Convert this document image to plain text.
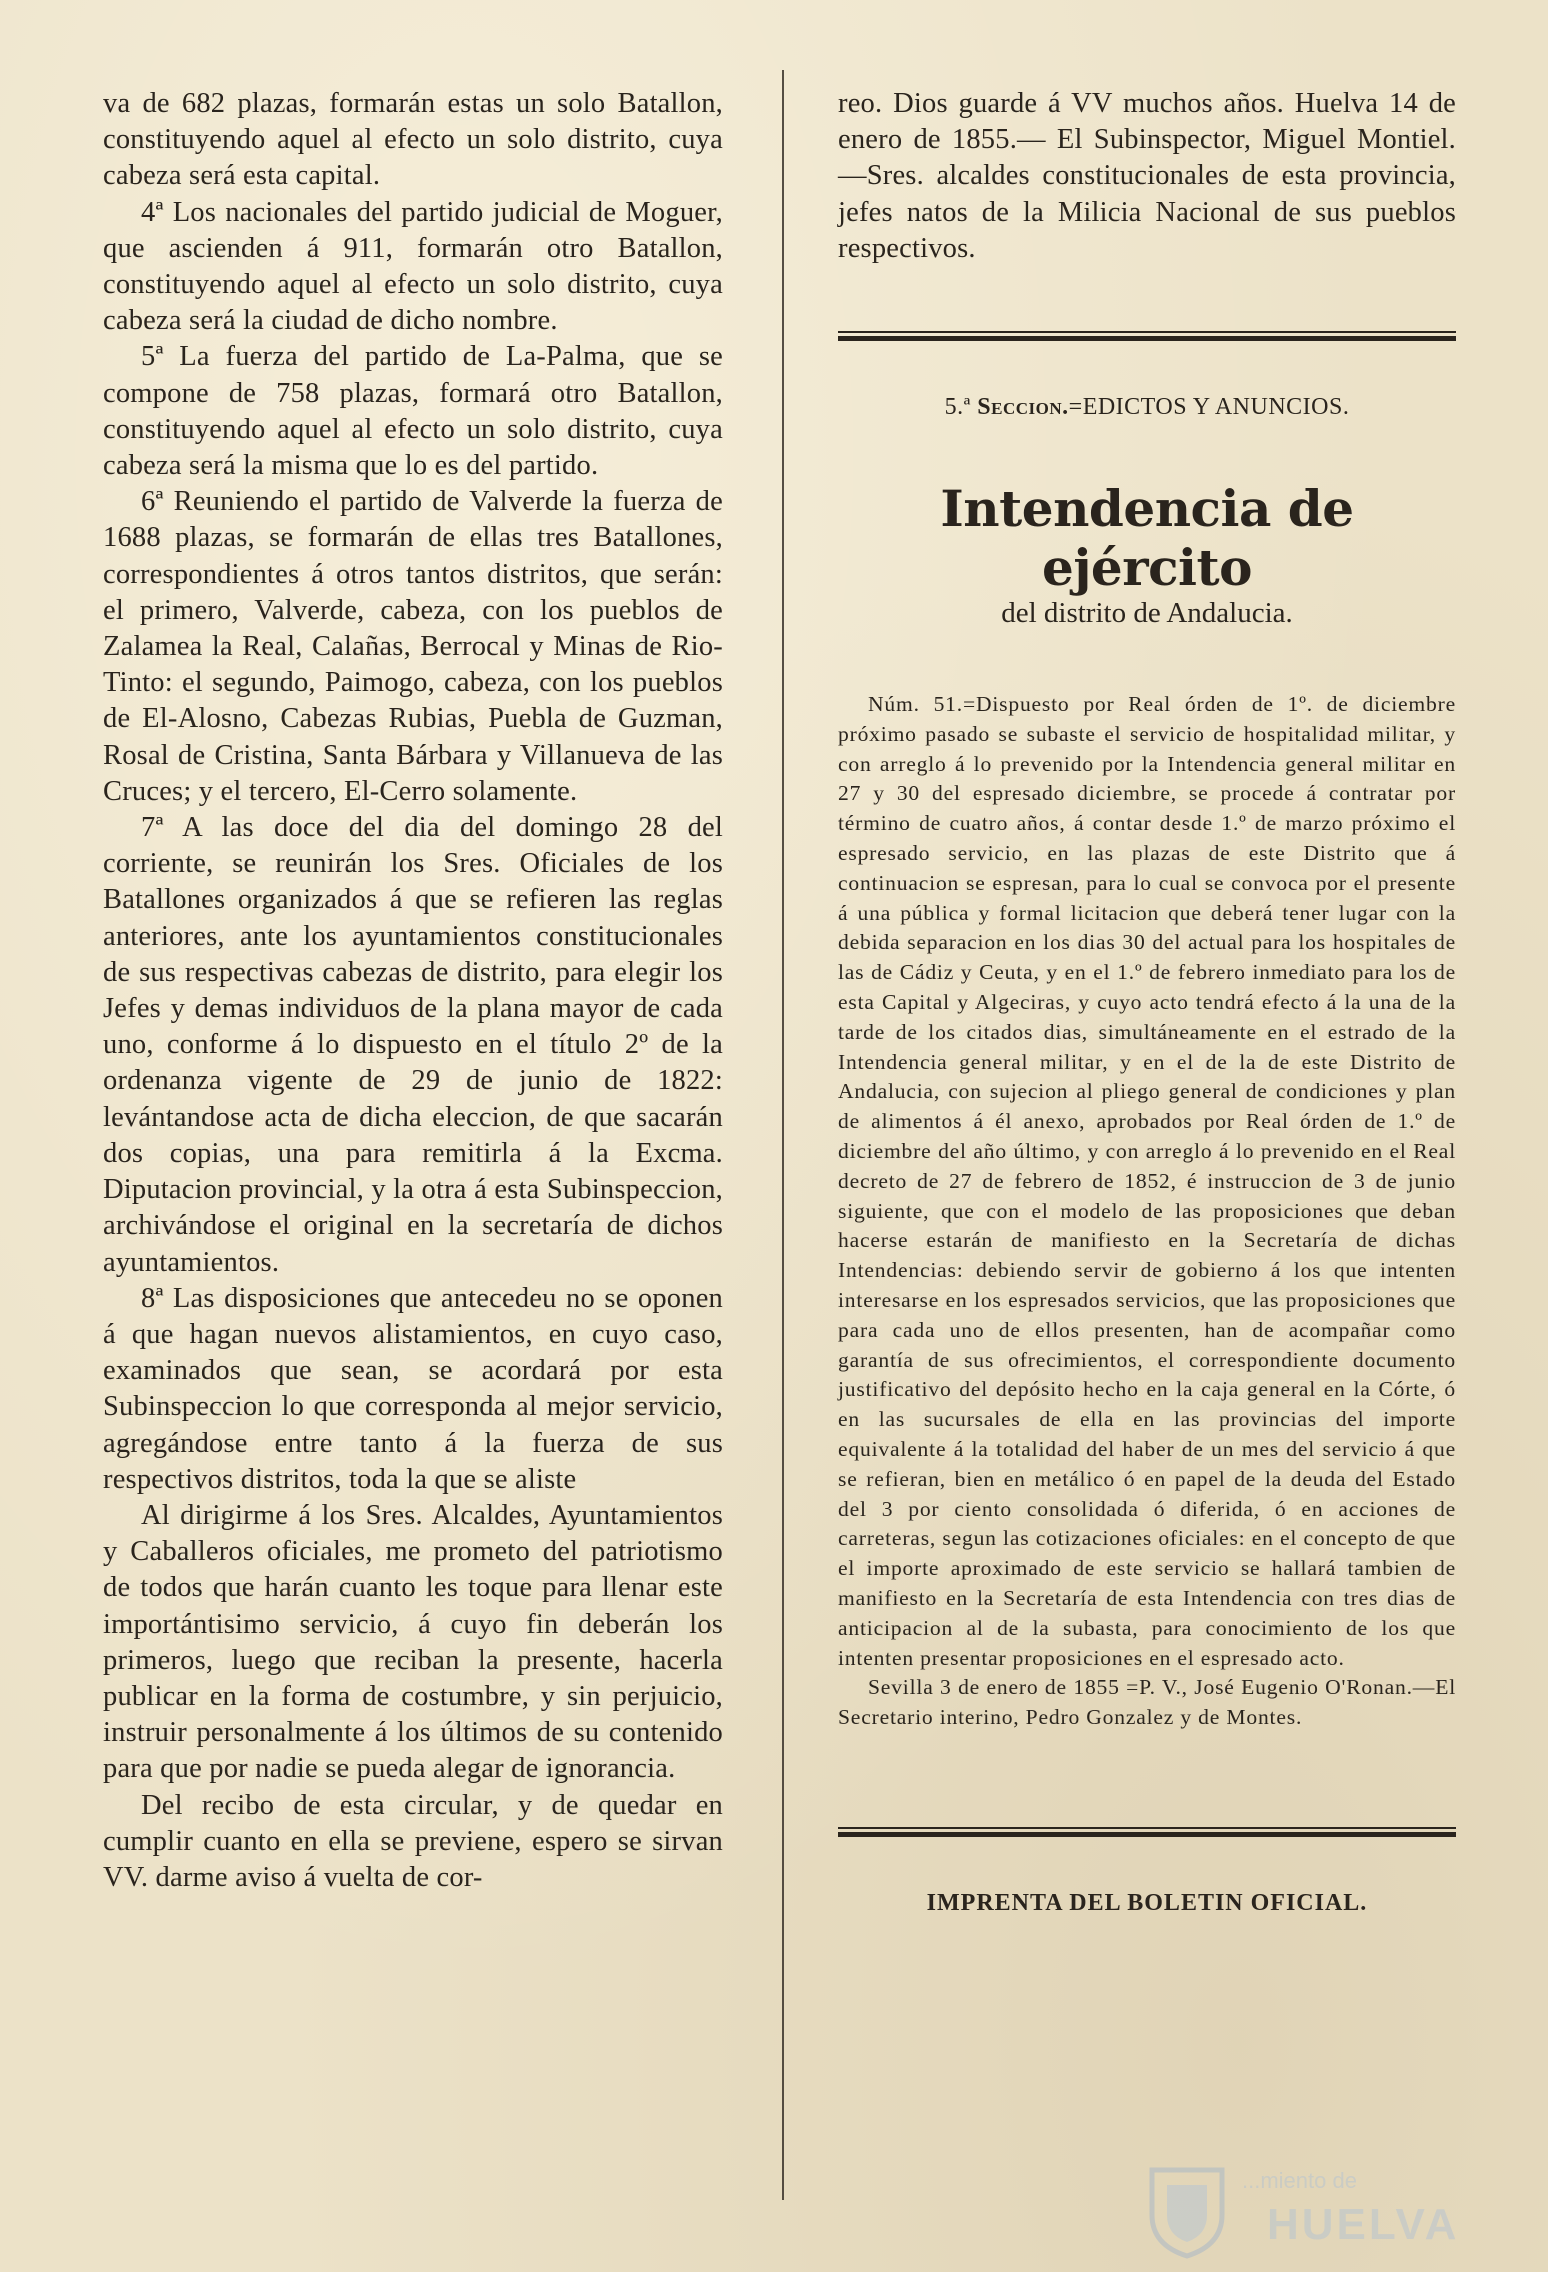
va de 682 plazas, formarán estas un solo Batallon, constituyendo aquel al efecto un solo distrito, cuya cabeza será esta capital.

4ª Los nacionales del partido judicial de Moguer, que ascienden á 911, formarán otro Batallon, constituyendo aquel al efecto un solo distrito, cuya cabeza será la ciudad de dicho nombre.

5ª La fuerza del partido de La-Palma, que se compone de 758 plazas, formará otro Batallon, constituyendo aquel al efecto un solo distrito, cuya cabeza será la misma que lo es del partido.

6ª Reuniendo el partido de Valverde la fuerza de 1688 plazas, se formarán de ellas tres Batallones, correspondientes á otros tantos distritos, que serán: el primero, Valverde, cabeza, con los pueblos de Zalamea la Real, Calañas, Berrocal y Minas de Rio-Tinto: el segundo, Paimogo, cabeza, con los pueblos de El-Alosno, Cabezas Rubias, Puebla de Guzman, Rosal de Cristina, Santa Bárbara y Villanueva de las Cruces; y el tercero, El-Cerro solamente.

7ª A las doce del dia del domingo 28 del corriente, se reunirán los Sres. Oficiales de los Batallones organizados á que se refieren las reglas anteriores, ante los ayuntamientos constitucionales de sus respectivas cabezas de distrito, para elegir los Jefes y demas individuos de la plana mayor de cada uno, conforme á lo dispuesto en el título 2º de la ordenanza vigente de 29 de junio de 1822: levántandose acta de dicha eleccion, de que sacarán dos copias, una para remitirla á la Excma. Diputacion provincial, y la otra á esta Subinspeccion, archivándose el original en la secretaría de dichos ayuntamientos.

8ª Las disposiciones que antecedeu no se oponen á que hagan nuevos alistamientos, en cuyo caso, examinados que sean, se acordará por esta Subinspeccion lo que corresponda al mejor servicio, agregándose entre tanto á la fuerza de sus respectivos distritos, toda la que se aliste

Al dirigirme á los Sres. Alcaldes, Ayuntamientos y Caballeros oficiales, me prometo del patriotismo de todos que harán cuanto les toque para llenar este importántisimo servicio, á cuyo fin deberán los primeros, luego que reciban la presente, hacerla publicar en la forma de costumbre, y sin perjuicio, instruir personalmente á los últimos de su contenido para que por nadie se pueda alegar de ignorancia.

Del recibo de esta circular, y de quedar en cumplir cuanto en ella se previene, espero se sirvan VV. darme aviso á vuelta de cor-

reo. Dios guarde á VV muchos años. Huelva 14 de enero de 1855.— El Subinspector, Miguel Montiel.—Sres. alcaldes constitucionales de esta provincia, jefes natos de la Milicia Nacional de sus pueblos respectivos.

5.ª Seccion.=EDICTOS Y ANUNCIOS.
Intendencia de ejército
del distrito de Andalucia.

Núm. 51.=Dispuesto por Real órden de 1º. de diciembre próximo pasado se subaste el servicio de hospitalidad militar, y con arreglo á lo prevenido por la Intendencia general militar en 27 y 30 del espresado diciembre, se procede á contratar por término de cuatro años, á contar desde 1.º de marzo próximo el espresado servicio, en las plazas de este Distrito que á continuacion se espresan, para lo cual se convoca por el presente á una pública y formal licitacion que deberá tener lugar con la debida separacion en los dias 30 del actual para los hospitales de las de Cádiz y Ceuta, y en el 1.º de febrero inmediato para los de esta Capital y Algeciras, y cuyo acto tendrá efecto á la una de la tarde de los citados dias, simultáneamente en el estrado de la Intendencia general militar, y en el de la de este Distrito de Andalucia, con sujecion al pliego general de condiciones y plan de alimentos á él anexo, aprobados por Real órden de 1.º de diciembre del año último, y con arreglo á lo prevenido en el Real decreto de 27 de febrero de 1852, é instruccion de 3 de junio siguiente, que con el modelo de las proposiciones que deban hacerse estarán de manifiesto en la Secretaría de dichas Intendencias: debiendo servir de gobierno á los que intenten interesarse en los espresados servicios, que las proposiciones que para cada uno de ellos presenten, han de acompañar como garantía de sus ofrecimientos, el correspondiente documento justificativo del depósito hecho en la caja general en la Córte, ó en las sucursales de ella en las provincias del importe equivalente á la totalidad del haber de un mes del servicio á que se refieran, bien en metálico ó en papel de la deuda del Estado del 3 por ciento consolidada ó diferida, ó en acciones de carreteras, segun las cotizaciones oficiales: en el concepto de que el importe aproximado de este servicio se hallará tambien de manifiesto en la Secretaría de esta Intendencia con tres dias de anticipacion al de la subasta, para conocimiento de los que intenten presentar proposiciones en el espresado acto.

Sevilla 3 de enero de 1855 =P. V., José Eugenio O'Ronan.—El Secretario interino, Pedro Gonzalez y de Montes.

IMPRENTA DEL BOLETIN OFICIAL.
...miento de
HUELVA
